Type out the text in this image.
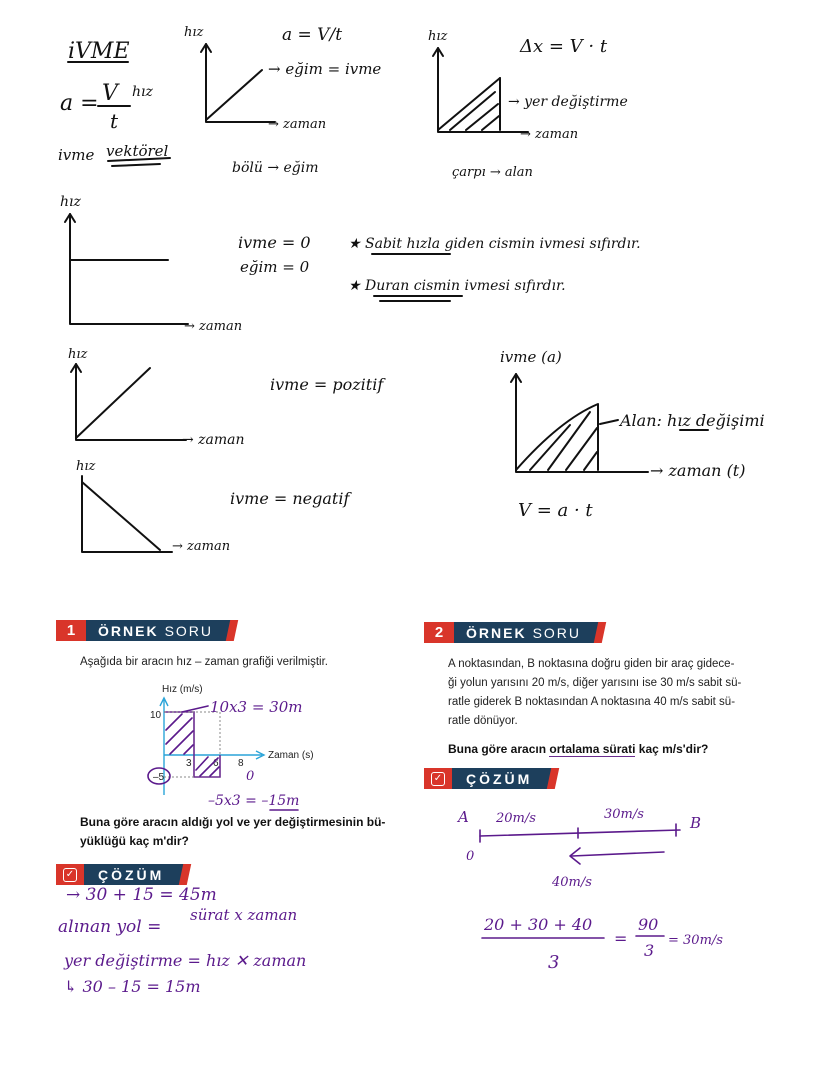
iVME
a = V
t
hız
ivme vektörel
hız	a = V/t
→ eğim = ivme
→ zaman
bölü → eğim
hız	Δx = V · t
→ yer değiştirme
→ zaman
çarpı → alan
hız
→ zaman
ivme = 0
eğim = 0
★ Sabit hızla giden cismin ivmesi sıfırdır.
★ Duran cismin ivmesi sıfırdır.
hız
→ zaman
ivme = pozitif
hız
→ zaman
ivme = negatif
ivme (a)
Alan: hız değişimi
→ zaman (t)
V = a · t
1	ÖRNEK SORU
Aşağıda bir aracın hız – zaman grafiği verilmiştir.
Hız (m/s)
Zaman (s)
10
–5
3 6 8
10x3 = 30m
0
–5x3 = –15m
Buna göre aracın aldığı yol ve yer değiştirmesinin bü-
yüklüğü kaç m'dir?
✓	ÇÖZÜM
→ 30 + 15 = 45m
alınan yol =
sürat x zaman
yer değiştirme = hız ✕ zaman
↳ 30 – 15 = 15m
2	ÖRNEK SORU
A noktasından, B noktasına doğru giden bir araç gidece-
ği yolun yarısını 20 m/s, diğer yarısını ise 30 m/s sabit sü-
ratle giderek B noktasından A noktasına 40 m/s sabit sü-
ratle dönüyor.
Buna göre aracın ortalama sürati kaç m/s'dir?
✓	ÇÖZÜM
A	B
0
20m/s	30m/s
40m/s
20 + 30 + 40
3
=
90
3
= 30m/s
